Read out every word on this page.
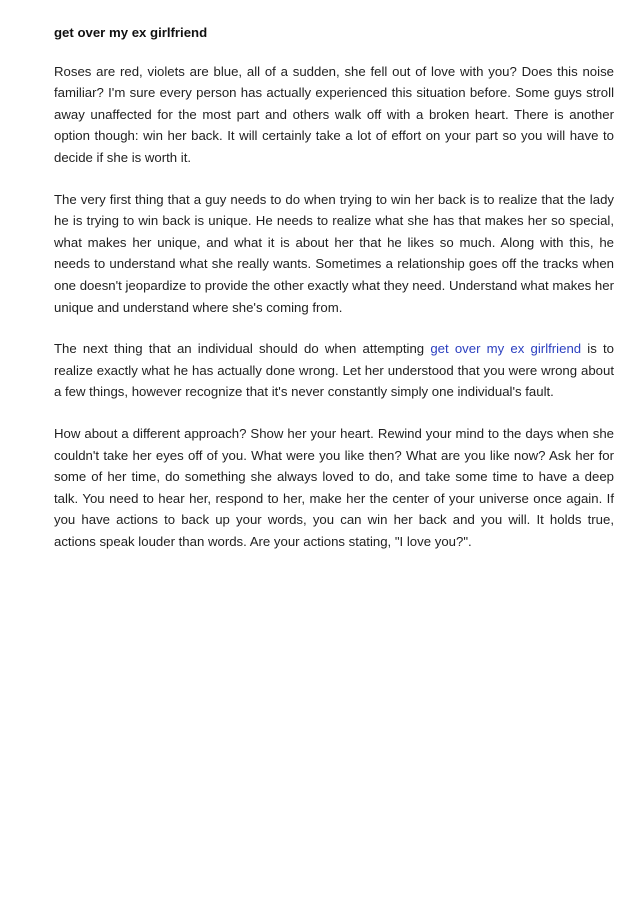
get over my ex girlfriend

Roses are red, violets are blue, all of a sudden, she fell out of love with you? Does this noise familiar? I'm sure every person has actually experienced this situation before. Some guys stroll away unaffected for the most part and others walk off with a broken heart. There is another option though: win her back. It will certainly take a lot of effort on your part so you will have to decide if she is worth it.

The very first thing that a guy needs to do when trying to win her back is to realize that the lady he is trying to win back is unique. He needs to realize what she has that makes her so special, what makes her unique, and what it is about her that he likes so much. Along with this, he needs to understand what she really wants. Sometimes a relationship goes off the tracks when one doesn't jeopardize to provide the other exactly what they need. Understand what makes her unique and understand where she's coming from.

The next thing that an individual should do when attempting get over my ex girlfriend is to realize exactly what he has actually done wrong. Let her understood that you were wrong about a few things, however recognize that it's never constantly simply one individual's fault.

How about a different approach? Show her your heart. Rewind your mind to the days when she couldn't take her eyes off of you. What were you like then? What are you like now? Ask her for some of her time, do something she always loved to do, and take some time to have a deep talk. You need to hear her, respond to her, make her the center of your universe once again. If you have actions to back up your words, you can win her back and you will. It holds true, actions speak louder than words. Are your actions stating, "I love you?".
